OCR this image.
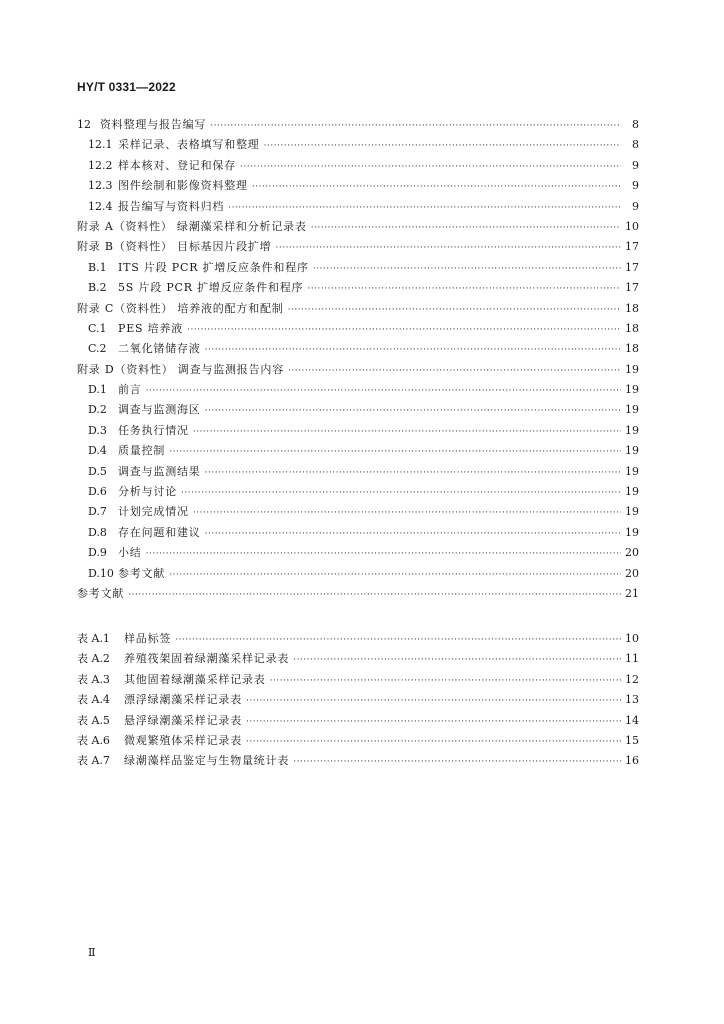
HY/T 0331—2022
12 资料整理与报告编写 ·····	8
12.1 采样记录、表格填写和整理 ·····	8
12.2 样本核对、登记和保存 ·····	9
12.3 图件绘制和影像资料整理 ·····	9
12.4 报告编写与资料归档 ·····	9
附录 A（资料性） 绿潮藻采样和分析记录表 ·····	10
附录 B（资料性） 目标基因片段扩增 ·····	17
B.1	ITS 片段 PCR 扩增反应条件和程序 ·····	17
B.2	5S 片段 PCR 扩增反应条件和程序 ·····	17
附录 C（资料性） 培养液的配方和配制 ·····	18
C.1	PES 培养液 ·····	18
C.2	二氧化锗储存液 ·····	18
附录 D（资料性） 调查与监测报告内容 ·····	19
D.1	前言 ·····	19
D.2	调查与监测海区 ·····	19
D.3	任务执行情况 ·····	19
D.4	质量控制 ·····	19
D.5	调查与监测结果 ·····	19
D.6	分析与讨论 ·····	19
D.7	计划完成情况 ·····	19
D.8	存在问题和建议 ·····	19
D.9	小结 ·····	20
D.10 参考文献 ·····	20
参考文献 ·····	21
表 A.1	样品标签 ·····	10
表 A.2	养殖筏架固着绿潮藻采样记录表 ·····	11
表 A.3	其他固着绿潮藻采样记录表 ·····	12
表 A.4	漂浮绿潮藻采样记录表 ·····	13
表 A.5	悬浮绿潮藻采样记录表 ·····	14
表 A.6	微观繁殖体采样记录表 ·····	15
表 A.7	绿潮藻样品鉴定与生物量统计表 ·····	16
Ⅱ
